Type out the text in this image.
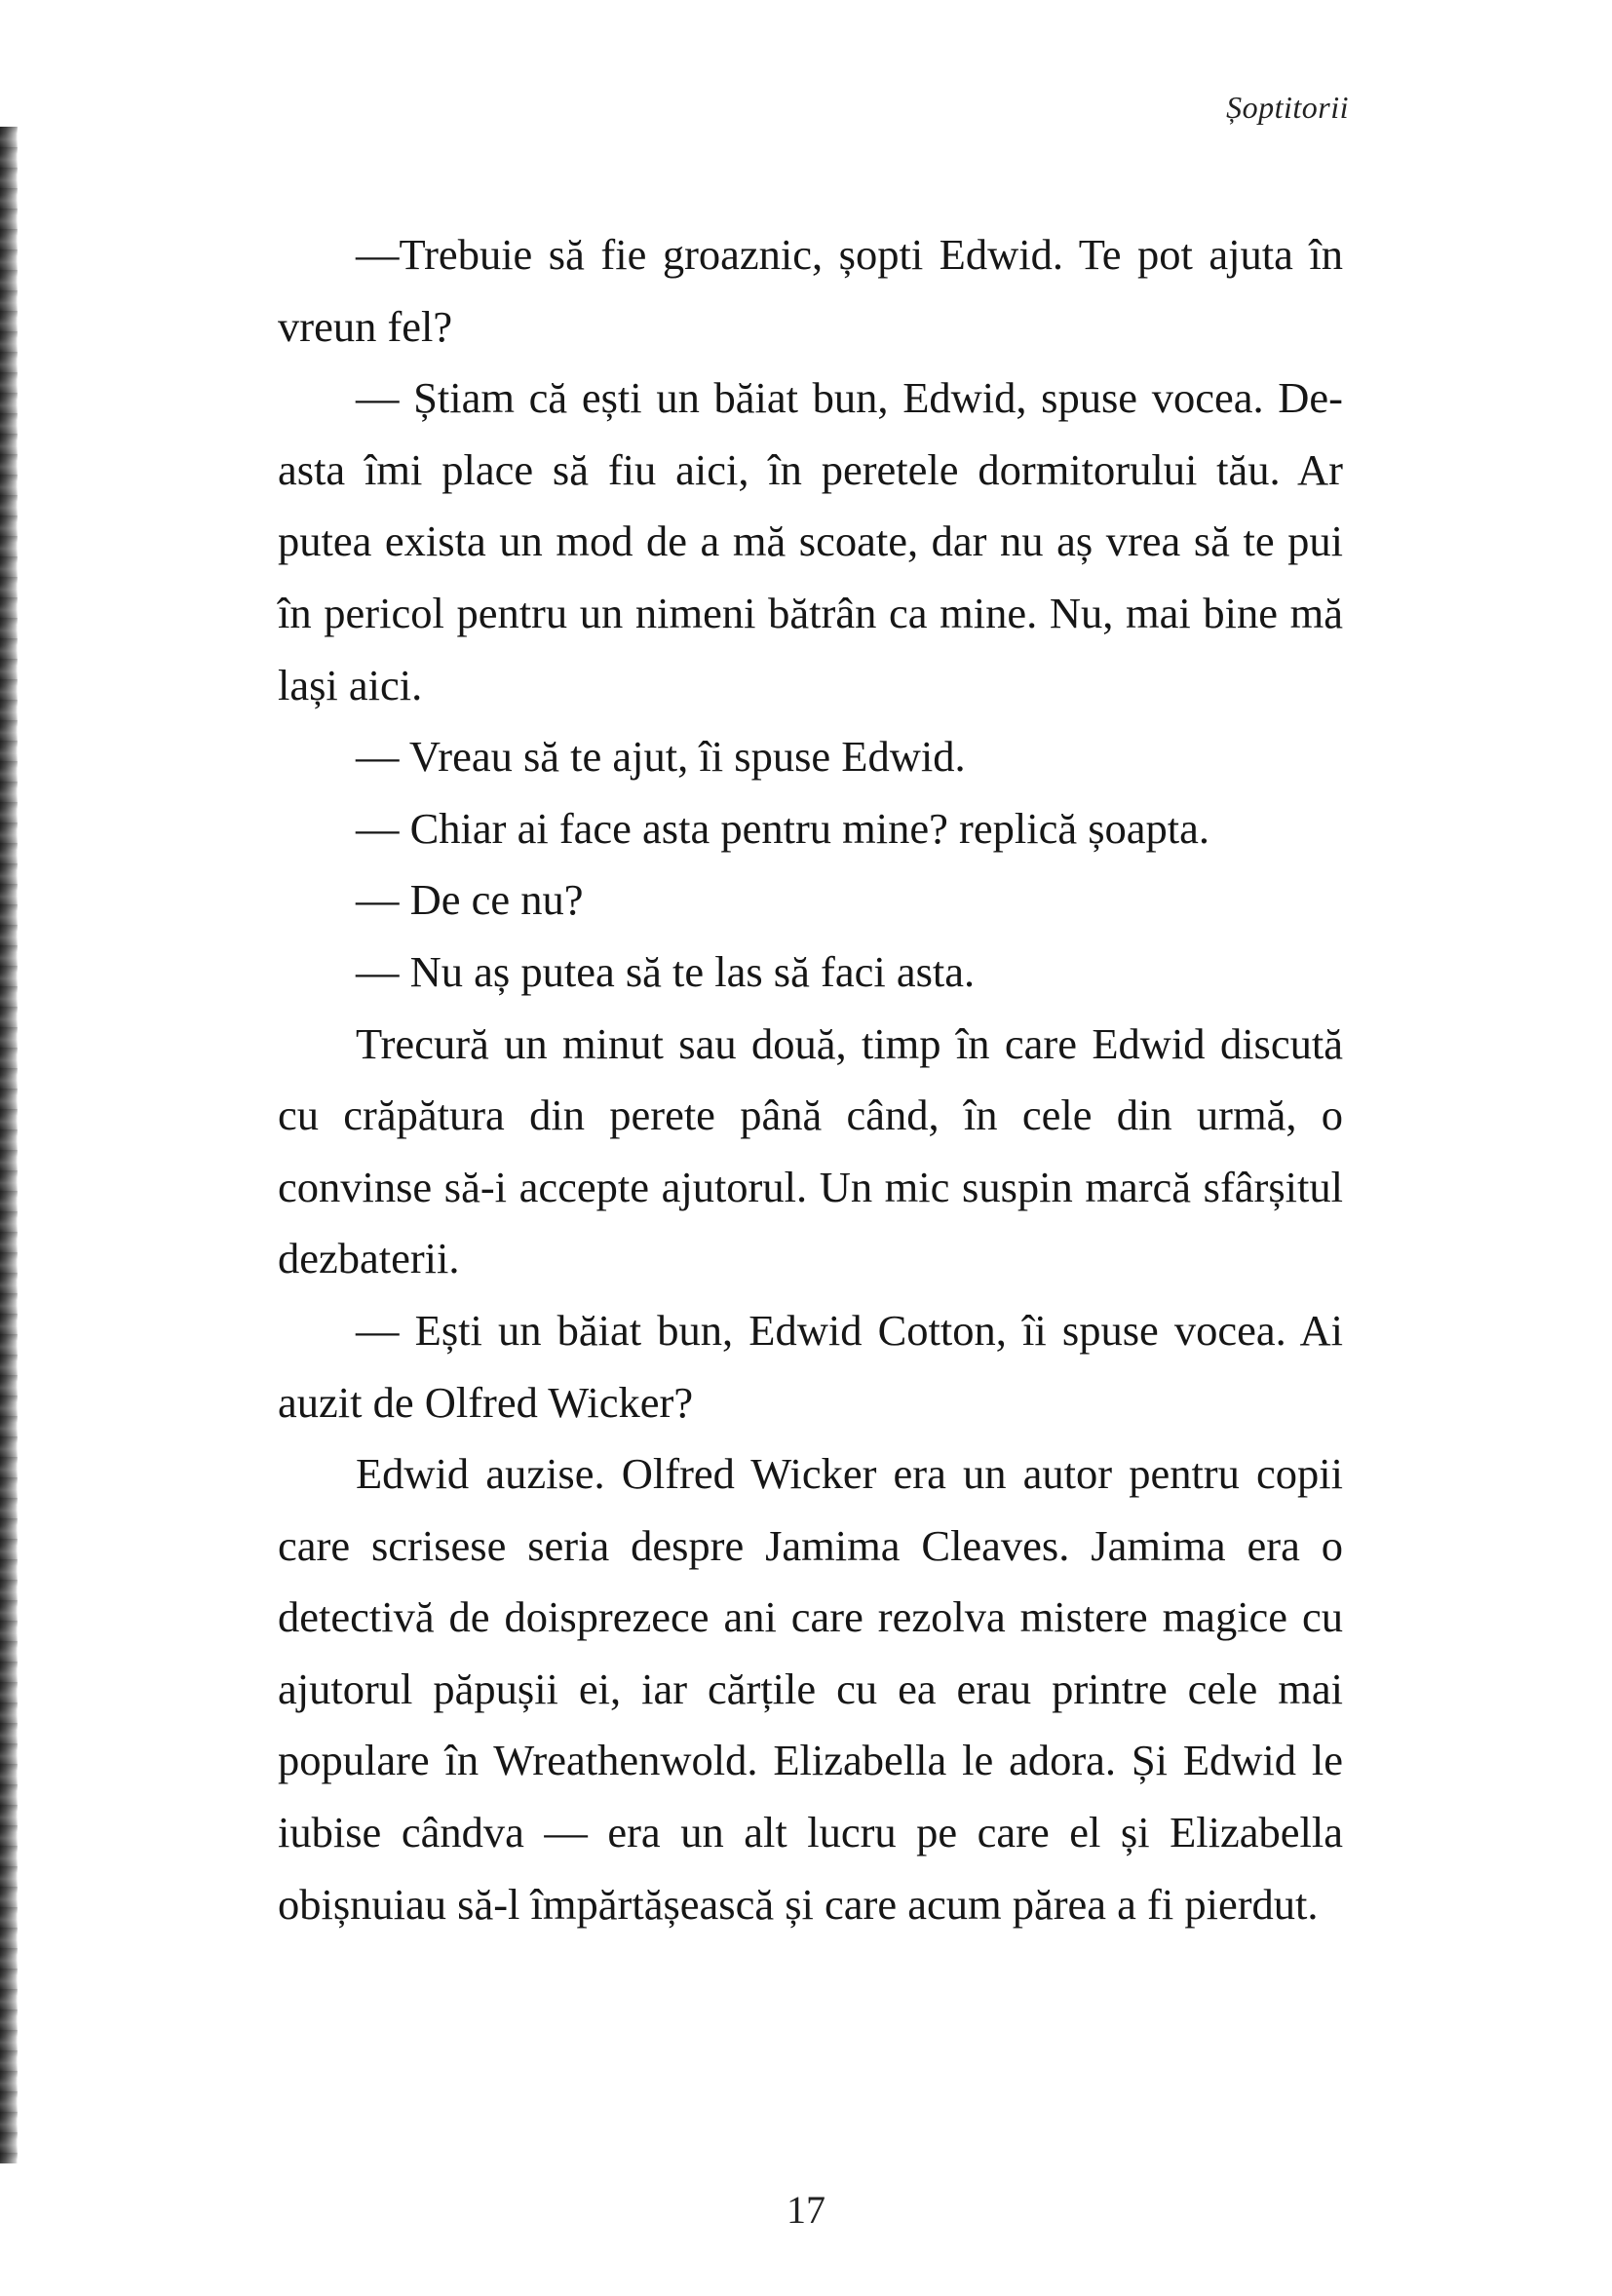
Șoptitorii

—Trebuie să fie groaznic, șopti Edwid. Te pot ajuta în vreun fel?

— Știam că ești un băiat bun, Edwid, spuse vocea. De-asta îmi place să fiu aici, în peretele dormitorului tău. Ar putea exista un mod de a mă scoate, dar nu aș vrea să te pui în pericol pentru un nimeni bătrân ca mine. Nu, mai bine mă lași aici.

— Vreau să te ajut, îi spuse Edwid.

— Chiar ai face asta pentru mine? replică șoapta.

— De ce nu?

— Nu aș putea să te las să faci asta.

Trecură un minut sau două, timp în care Edwid discută cu crăpătura din perete până când, în cele din urmă, o convinse să-i accepte ajutorul. Un mic suspin marcă sfârșitul dezbaterii.

— Ești un băiat bun, Edwid Cotton, îi spuse vocea. Ai auzit de Olfred Wicker?

Edwid auzise. Olfred Wicker era un autor pentru copii care scrisese seria despre Jamima Cleaves. Jamima era o detectivă de doisprezece ani care rezolva mistere magice cu ajutorul păpușii ei, iar cărțile cu ea erau printre cele mai populare în Wreathenwold. Elizabella le adora. Și Edwid le iubise cândva — era un alt lucru pe care el și Elizabella obișnuiau să-l împărtășească și care acum părea a fi pierdut.

17
